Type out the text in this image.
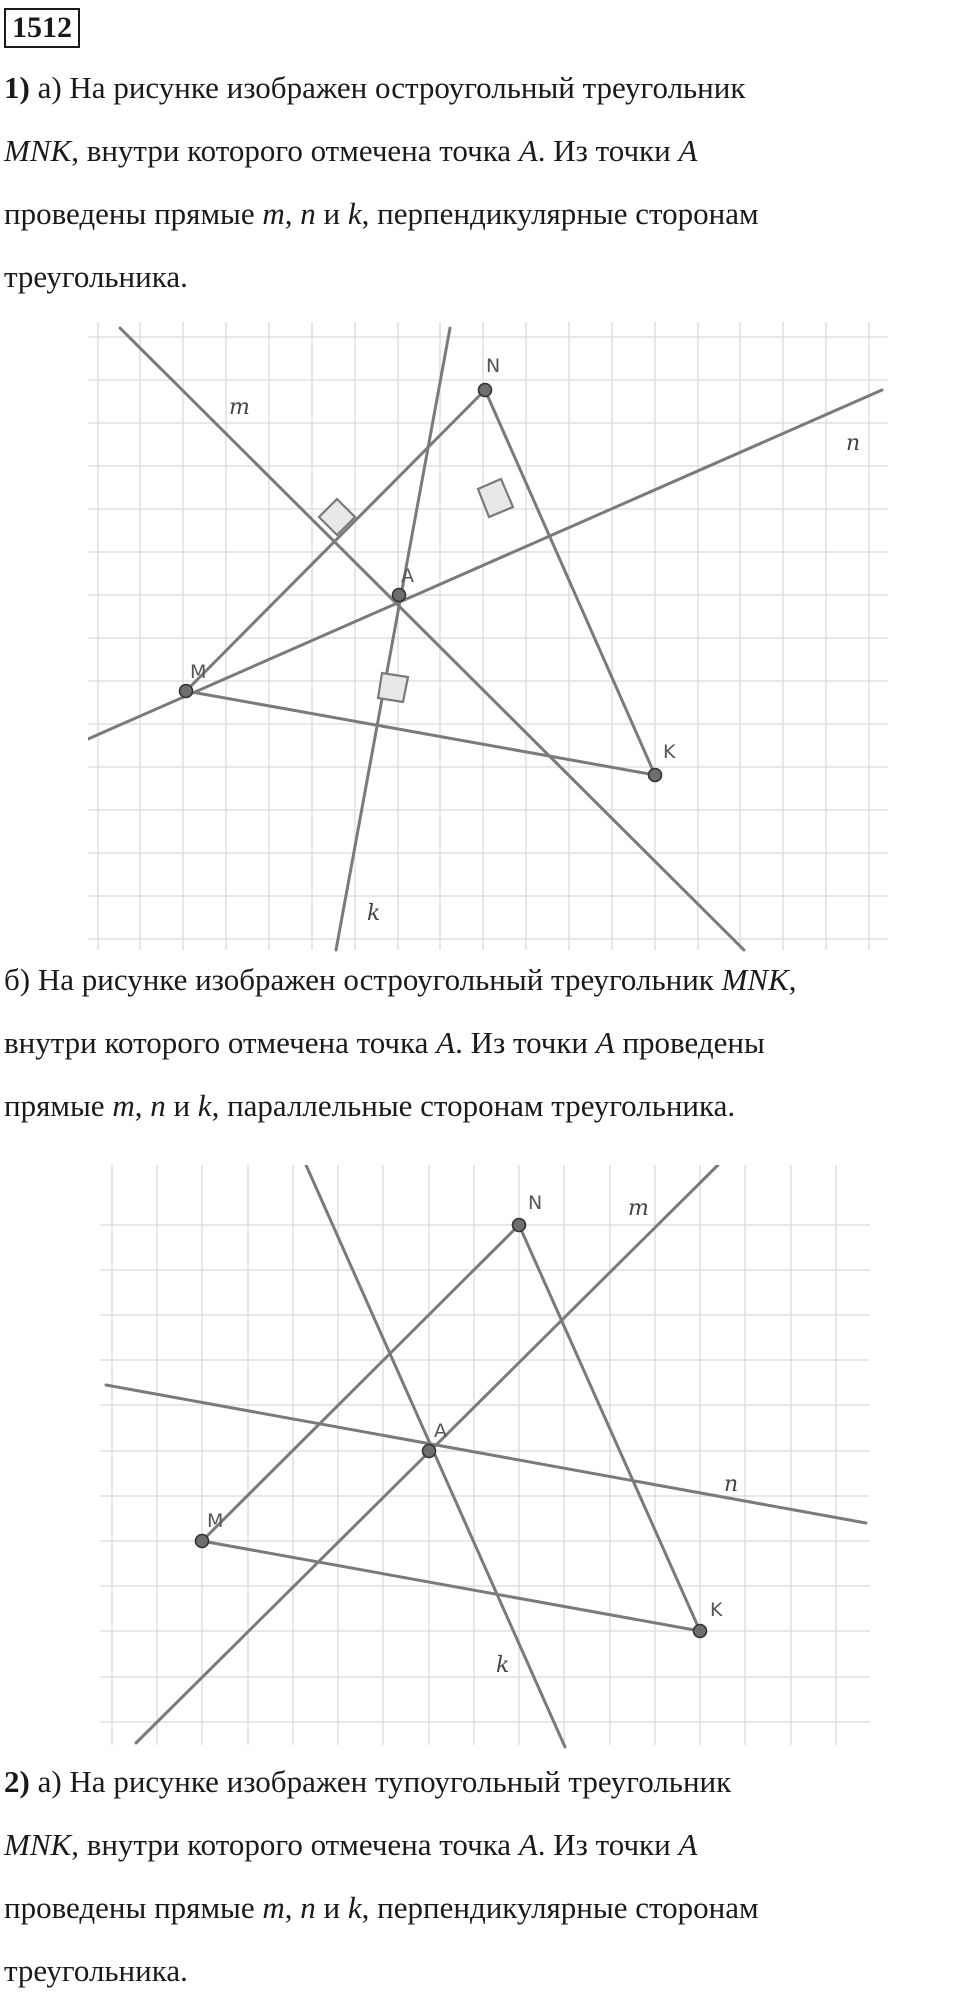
1512

1) а) На рисунке изображен остроугольный треугольник
MNK, внутри которого отмечена точка A. Из точки A
проведены прямые m, n и k, перпендикулярные сторонам
треугольника.

M
N
K
A
m
n
k

б) На рисунке изображен остроугольный треугольник MNK,
внутри которого отмечена точка A. Из точки A проведены
прямые m, n и k, параллельные сторонам треугольника.

M
N
K
A
m
n
k

2) а) На рисунке изображен тупоугольный треугольник
MNK, внутри которого отмечена точка A. Из точки A
проведены прямые m, n и k, перпендикулярные сторонам
треугольника.
